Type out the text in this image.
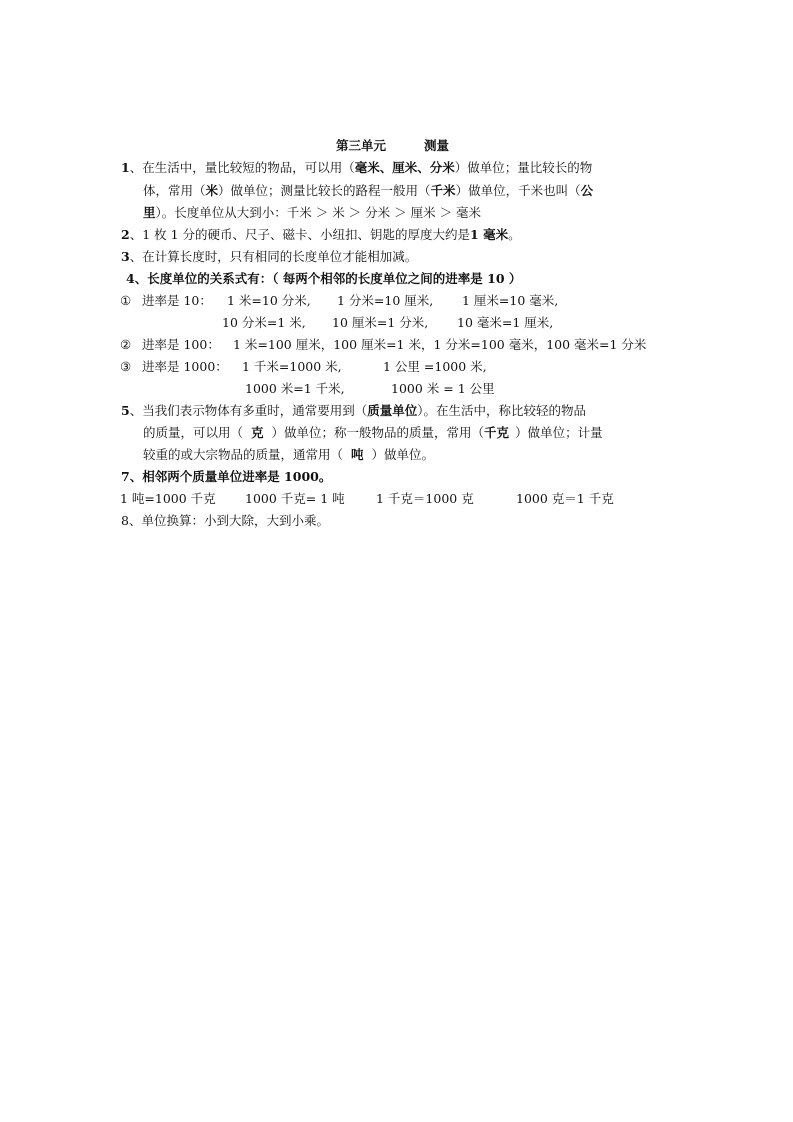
第三单元	测量
1、在生活中，量比较短的物品，可以用（毫米、厘米、分米）做单位；量比较长的物
体，常用（米）做单位；测量比较长的路程一般用（千米）做单位，千米也叫（公
里）。长度单位从大到小：千米 ＞ 米 ＞ 分米 ＞ 厘米 ＞ 毫米
2、1 枚 1 分的硬币、尺子、磁卡、小纽扣、钥匙的厚度大约是1 毫米。
3、在计算长度时，只有相同的长度单位才能相加减。
4、长度单位的关系式有：（ 每两个相邻的长度单位之间的进率是 10 ）
① 进率是 10： 1 米=10 分米, 1 分米=10 厘米, 1 厘米=10 毫米,
10 分米=1 米, 10 厘米=1 分米, 10 毫米=1 厘米,
② 进率是 100： 1 米=100 厘米，100 厘米=1 米，1 分米=100 毫米，100 毫米=1 分米
③ 进率是 1000： 1 千米=1000 米,	1 公里 =1000 米,
1000 米=1 千米,	1000 米 = 1 公里
5、当我们表示物体有多重时，通常要用到（质量单位）。在生活中，称比较轻的物品
的质量，可以用（ 克 ）做单位；称一般物品的质量，常用（千克 ）做单位；计量
较重的或大宗物品的质量，通常用（ 吨 ）做单位。
7、相邻两个质量单位进率是 1000。
1 吨=1000 千克 1000 千克= 1 吨	1 千克＝1000 克	1000 克＝1 千克
8、单位换算：小到大除，大到小乘。
